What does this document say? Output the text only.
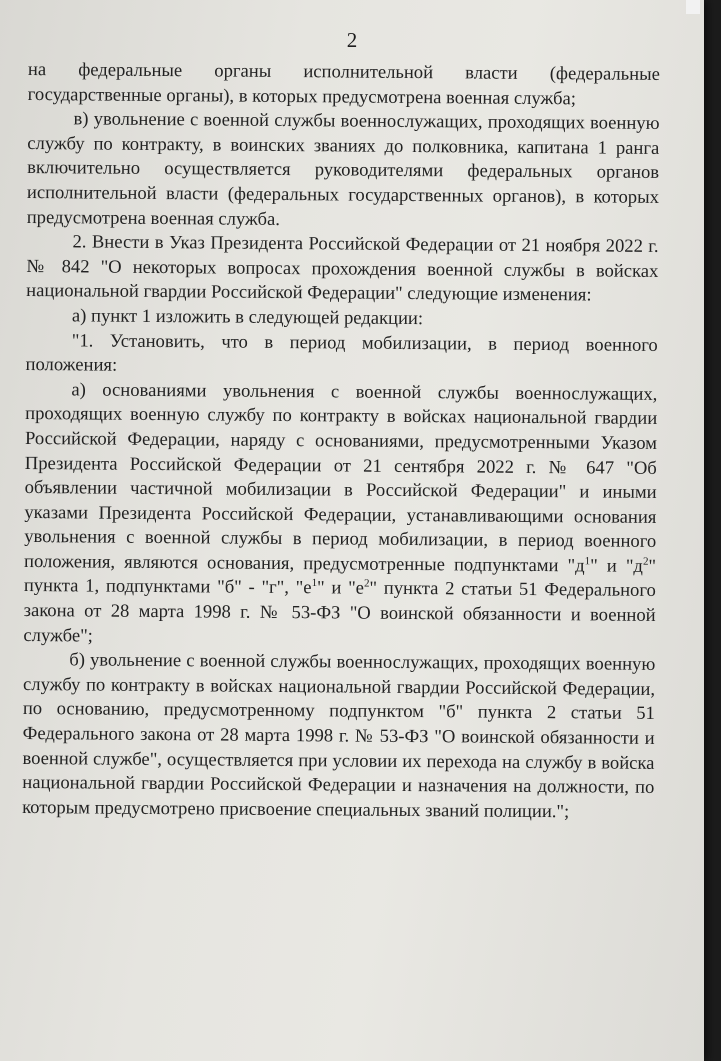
2

на федеральные органы исполнительной власти (федеральные государственные органы), в которых предусмотрена военная служба;

в) увольнение с военной службы военнослужащих, проходящих военную службу по контракту, в воинских званиях до полковника, капитана 1 ранга включительно осуществляется руководителями федеральных органов исполнительной власти (федеральных государственных органов), в которых предусмотрена военная служба.

2. Внести в Указ Президента Российской Федерации от 21 ноября 2022 г. № 842 "О некоторых вопросах прохождения военной службы в войсках национальной гвардии Российской Федерации" следующие изменения:

а) пункт 1 изложить в следующей редакции:

"1. Установить, что в период мобилизации, в период военного положения:

а) основаниями увольнения с военной службы военнослужащих, проходящих военную службу по контракту в войсках национальной гвардии Российской Федерации, наряду с основаниями, предусмотренными Указом Президента Российской Федерации от 21 сентября 2022 г. № 647 "Об объявлении частичной мобилизации в Российской Федерации" и иными указами Президента Российской Федерации, устанавливающими основания увольнения с военной службы в период мобилизации, в период военного положения, являются основания, предусмотренные подпунктами "$д^1$" и "$д^2$" пункта 1, подпунктами "б" - "г", "$е^1$" и "$е^2$" пункта 2 статьи 51 Федерального закона от 28 марта 1998 г. № 53-ФЗ "О воинской обязанности и военной службе";

б) увольнение с военной службы военнослужащих, проходящих военную службу по контракту в войсках национальной гвардии Российской Федерации, по основанию, предусмотренному подпунктом "б" пункта 2 статьи 51 Федерального закона от 28 марта 1998 г. № 53-ФЗ "О воинской обязанности и военной службе", осуществляется при условии их перехода на службу в войска национальной гвардии Российской Федерации и назначения на должности, по которым предусмотрено присвоение специальных званий полиции.";
